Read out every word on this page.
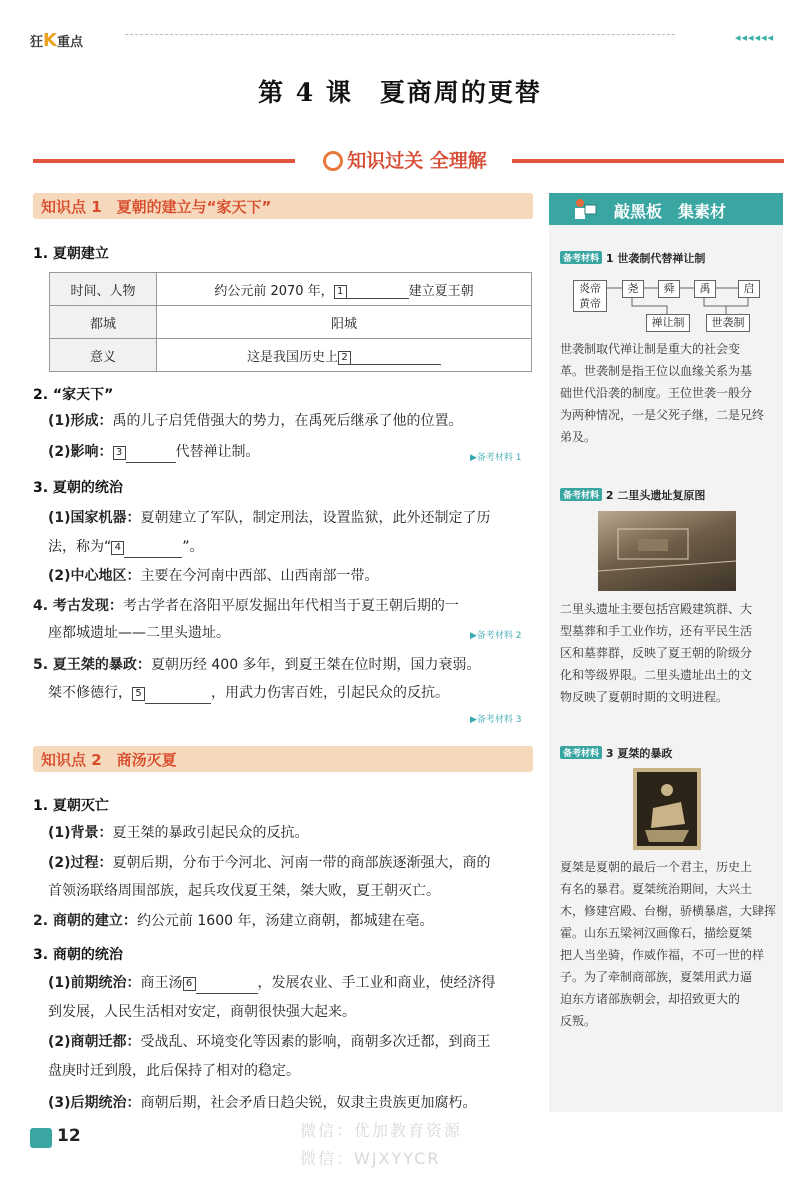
狂K重点	◂◂◂◂◂◂
第 4 课　夏商周的更替
知识过关 全理解
知识点 1　夏朝的建立与“家天下”
1. 夏朝建立
时间、人物	约公元前 2070 年， 1 建立夏王朝
都城	阳城
意义	这是我国历史上 2
2. “家天下”
(1)形成：禹的儿子启凭借强大的势力，在禹死后继承了他的位置。
(2)影响： 3	代替禅让制。	▶备考材料 1
3. 夏朝的统治
(1)国家机器：夏朝建立了军队，制定刑法，设置监狱，此外还制定了历
法，称为“ 4	”。
(2)中心地区：主要在今河南中西部、山西南部一带。
4. 考古发现：考古学者在洛阳平原发掘出年代相当于夏王朝后期的一
座都城遗址——二里头遗址。	▶备考材料 2
5. 夏王桀的暴政：夏朝历经 400 多年，到夏王桀在位时期，国力衰弱。
桀不修德行， 5	，用武力伤害百姓，引起民众的反抗。
▶备考材料 3
知识点 2　商汤灭夏
1. 夏朝灭亡
(1)背景：夏王桀的暴政引起民众的反抗。
(2)过程：夏朝后期，分布于今河北、河南一带的商部族逐渐强大，商的
首领汤联络周围部族，起兵攻伐夏王桀，桀大败，夏王朝灭亡。
2. 商朝的建立：约公元前 1600 年，汤建立商朝，都城建在亳。
3. 商朝的统治
(1)前期统治：商王汤 6	，发展农业、手工业和商业，使经济得
到发展，人民生活相对安定，商朝很快强大起来。
(2)商朝迁都：受战乱、环境变化等因素的影响，商朝多次迁都，到商王
盘庚时迁到殷，此后保持了相对的稳定。
(3)后期统治：商朝后期，社会矛盾日趋尖锐，奴隶主贵族更加腐朽。
敲黑板　集素材
备考材料 1 世袭制代替禅让制
炎帝
黄帝
尧	舜	禹	启
禅让制	世袭制
世袭制取代禅让制是重大的社会变
革。世袭制是指王位以血缘关系为基
础世代沿袭的制度。王位世袭一般分
为两种情况，一是父死子继，二是兄终
弟及。
备考材料 2 二里头遗址复原图
二里头遗址主要包括宫殿建筑群、大
型墓葬和手工业作坊，还有平民生活
区和墓葬群，反映了夏王朝的阶级分
化和等级界限。二里头遗址出土的文
物反映了夏朝时期的文明进程。
备考材料 3 夏桀的暴政
夏桀是夏朝的最后一个君主，历史上
有名的暴君。夏桀统治期间，大兴土
木，修建宫殿、台榭，骄横暴虐，大肆挥
霍。山东五梁祠汉画像石，描绘夏桀
把人当坐骑，作威作福，不可一世的样
子。为了牵制商部族，夏桀用武力逼
迫东方诸部族朝会，却招致更大的
反叛。
12	微信：优加教育资源
微信：WJXYYCR
